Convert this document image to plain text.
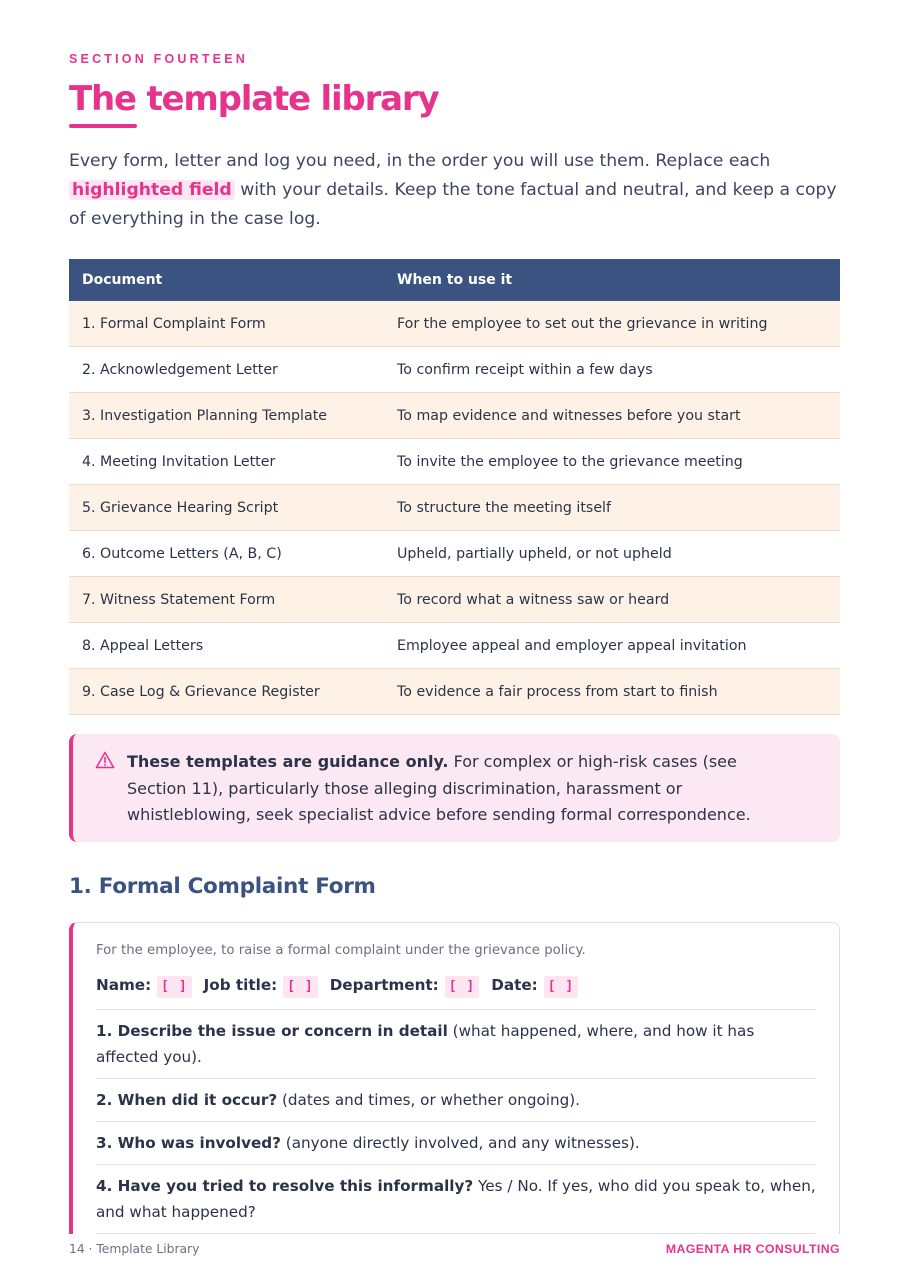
SECTION FOURTEEN
The template library

Every form, letter and log you need, in the order you will use them. Replace each highlighted field with your details. Keep the tone factual and neutral, and keep a copy of everything in the case log.

Document	When to use it
1. Formal Complaint Form	For the employee to set out the grievance in writing
2. Acknowledgement Letter	To confirm receipt within a few days
3. Investigation Planning Template	To map evidence and witnesses before you start
4. Meeting Invitation Letter	To invite the employee to the grievance meeting
5. Grievance Hearing Script	To structure the meeting itself
6. Outcome Letters (A, B, C)	Upheld, partially upheld, or not upheld
7. Witness Statement Form	To record what a witness saw or heard
8. Appeal Letters	Employee appeal and employer appeal invitation
9. Case Log & Grievance Register	To evidence a fair process from start to finish
These templates are guidance only. For complex or high-risk cases (see Section 11), particularly those alleging discrimination, harassment or whistleblowing, seek specialist advice before sending formal correspondence.
1. Formal Complaint Form

For the employee, to raise a formal complaint under the grievance policy.

Name: [ ] Job title: [ ] Department: [ ] Date: [ ]
1. Describe the issue or concern in detail (what happened, where, and how it has affected you).
2. When did it occur? (dates and times, or whether ongoing).
3. Who was involved? (anyone directly involved, and any witnesses).
4. Have you tried to resolve this informally? Yes / No. If yes, who did you speak to, when, and what happened?
14 · Template Library	MAGENTA HR CONSULTING
